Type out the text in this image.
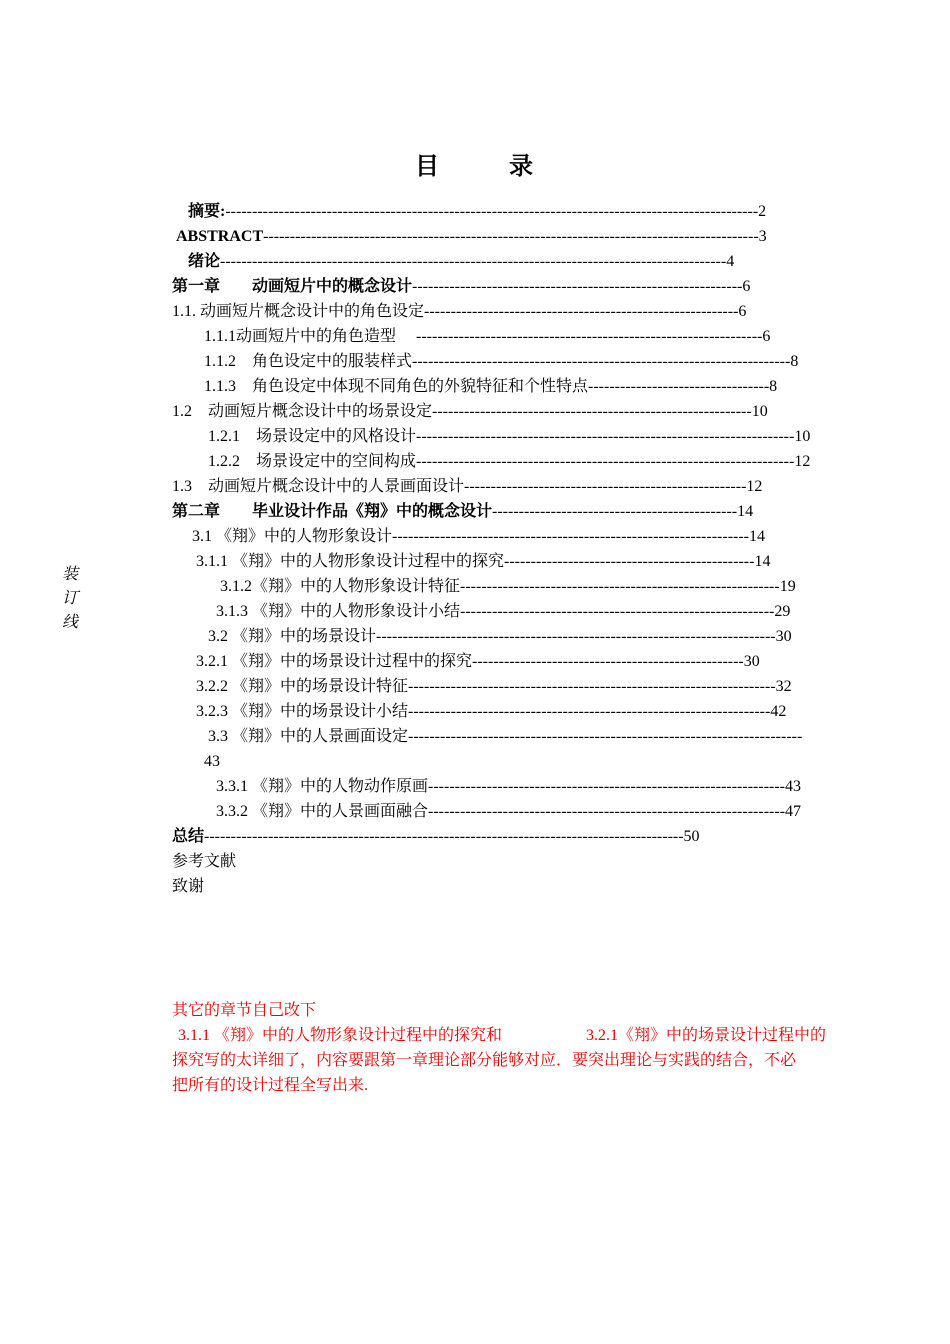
目	录
装
订
线
摘要:----------------------------------------------------------------------------------------------------2
ABSTRACT---------------------------------------------------------------------------------------------3
绪论-----------------------------------------------------------------------------------------------4
第一章　　动画短片中的概念设计--------------------------------------------------------------6
1.1. 动画短片概念设计中的角色设定-----------------------------------------------------------6
1.1.1动画短片中的角色造型　 -----------------------------------------------------------------6
1.1.2　角色设定中的服装样式-----------------------------------------------------------------------8
1.1.3　角色设定中体现不同角色的外貌特征和个性特点----------------------------------8
1.2　动画短片概念设计中的场景设定------------------------------------------------------------10
1.2.1　场景设定中的风格设计-----------------------------------------------------------------------10
1.2.2　场景设定中的空间构成-----------------------------------------------------------------------12
1.3　动画短片概念设计中的人景画面设计-----------------------------------------------------12
第二章　　毕业设计作品《翔》中的概念设计----------------------------------------------14
3.1 《翔》中的人物形象设计-------------------------------------------------------------------14
3.1.1 《翔》中的人物形象设计过程中的探究-----------------------------------------------14
3.1.2《翔》中的人物形象设计特征------------------------------------------------------------19
3.1.3 《翔》中的人物形象设计小结-----------------------------------------------------------29
3.2 《翔》中的场景设计---------------------------------------------------------------------------30
3.2.1 《翔》中的场景设计过程中的探究---------------------------------------------------30
3.2.2 《翔》中的场景设计特征---------------------------------------------------------------------32
3.2.3 《翔》中的场景设计小结--------------------------------------------------------------------42
3.3 《翔》中的人景画面设定--------------------------------------------------------------------------
43
3.3.1 《翔》中的人物动作原画-------------------------------------------------------------------43
3.3.2 《翔》中的人景画面融合-------------------------------------------------------------------47
总结------------------------------------------------------------------------------------------50
参考文献
致谢
其它的章节自己改下
3.1.1 《翔》中的人物形象设计过程中的探究和	3.2.1《翔》中的场景设计过程中的
探究写的太详细了，内容要跟第一章理论部分能够对应．要突出理论与实践的结合，不必
把所有的设计过程全写出来.
